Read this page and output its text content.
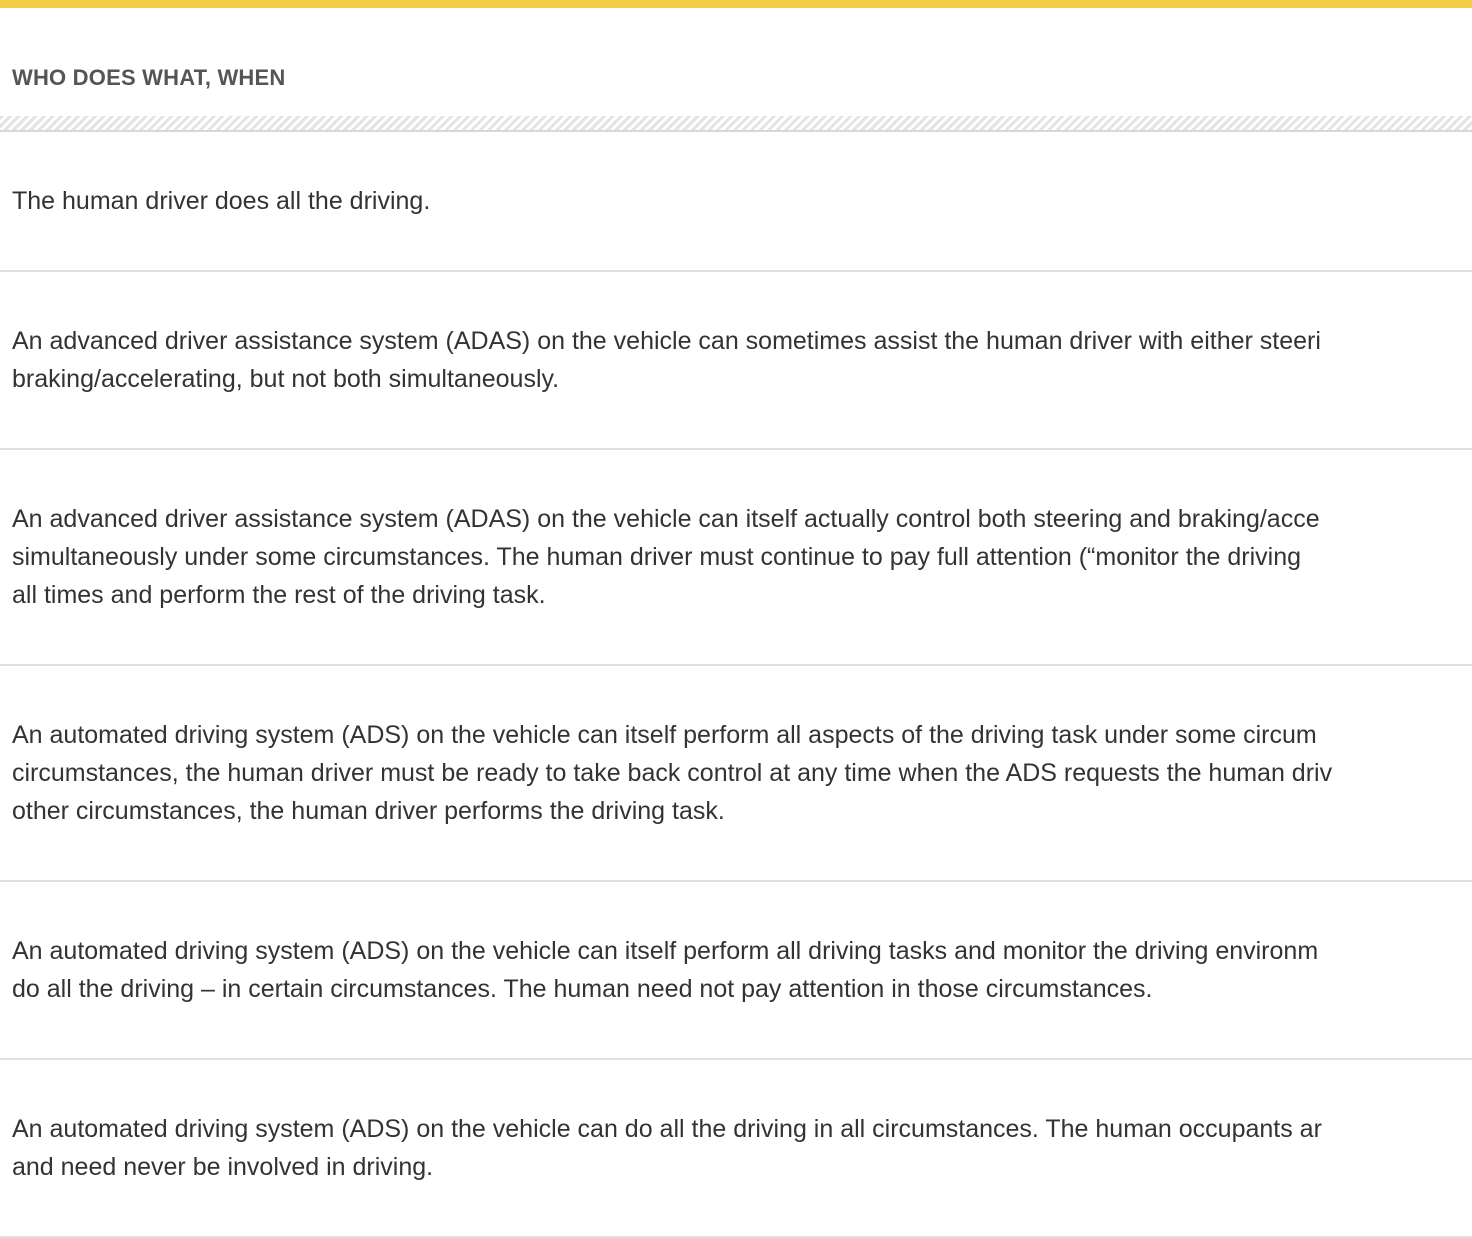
WHO DOES WHAT, WHEN
The human driver does all the driving.
An advanced driver assistance system (ADAS) on the vehicle can sometimes assist the human driver with either steeri
braking/accelerating, but not both simultaneously.
An advanced driver assistance system (ADAS) on the vehicle can itself actually control both steering and braking/acce
simultaneously under some circumstances. The human driver must continue to pay full attention (“monitor the driving
all times and perform the rest of the driving task.
An automated driving system (ADS) on the vehicle can itself perform all aspects of the driving task under some circum
circumstances, the human driver must be ready to take back control at any time when the ADS requests the human driv
other circumstances, the human driver performs the driving task.
An automated driving system (ADS) on the vehicle can itself perform all driving tasks and monitor the driving environm
do all the driving – in certain circumstances. The human need not pay attention in those circumstances.
An automated driving system (ADS) on the vehicle can do all the driving in all circumstances. The human occupants ar
and need never be involved in driving.
